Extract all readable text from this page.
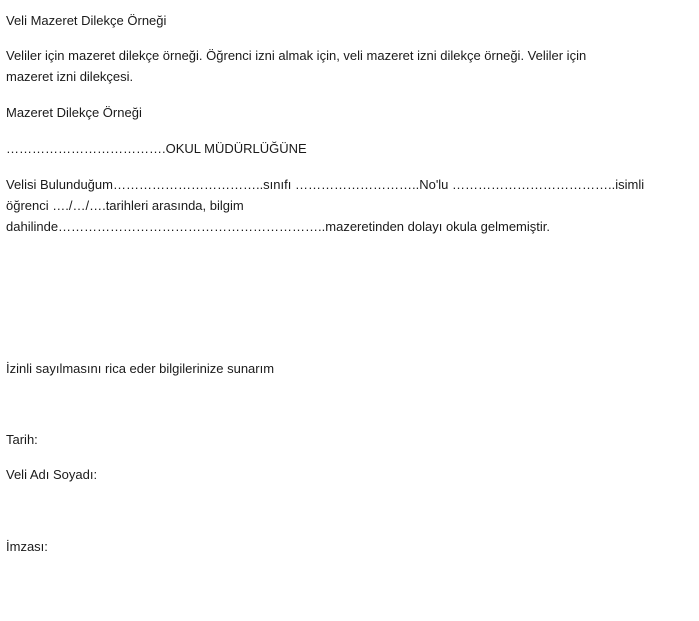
Veli Mazeret Dilekçe Örneği
Veliler için mazeret dilekçe örneği. Öğrenci izni almak için, veli mazeret izni dilekçe örneği. Veliler için
mazeret izni dilekçesi.
Mazeret Dilekçe Örneği
……………………………….OKUL MÜDÜRLÜĞÜNE
Velisi Bulunduğum……………………………..sınıfı ………………………..No'lu ………………………………..isimli
öğrenci …./…/….tarihleri arasında, bilgim
dahilinde……………………………………………………..mazeretinden dolayı okula gelmemiştir.
İzinli sayılmasını rica eder bilgilerinize sunarım
Tarih:
Veli Adı Soyadı:
İmzası:
